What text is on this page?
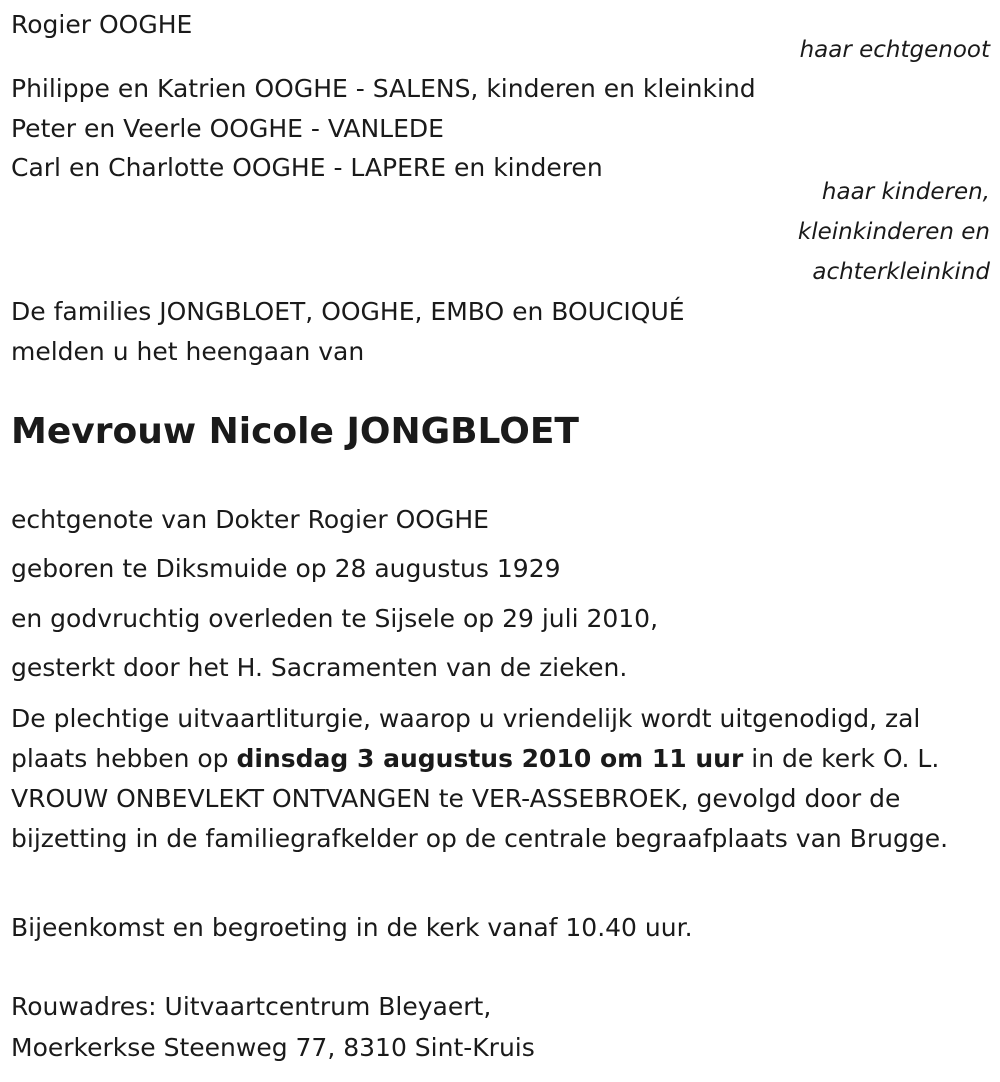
Rogier OOGHE
haar echtgenoot
Philippe en Katrien OOGHE - SALENS, kinderen en kleinkind
Peter en Veerle OOGHE - VANLEDE
Carl en Charlotte OOGHE - LAPERE en kinderen
haar kinderen,
kleinkinderen en
achterkleinkind
De families JONGBLOET, OOGHE, EMBO en BOUCIQUÉ
melden u het heengaan van
Mevrouw Nicole JONGBLOET
echtgenote van Dokter Rogier OOGHE
geboren te Diksmuide op 28 augustus 1929
en godvruchtig overleden te Sijsele op 29 juli 2010,
gesterkt door het H. Sacramenten van de zieken.
De plechtige uitvaartliturgie, waarop u vriendelijk wordt uitgenodigd, zal plaats hebben op dinsdag 3 augustus 2010 om 11 uur in de kerk O. L. VROUW ONBEVLEKT ONTVANGEN te VER-ASSEBROEK, gevolgd door de bijzetting in de familiegrafkelder op de centrale begraafplaats van Brugge.
Bijeenkomst en begroeting in de kerk vanaf 10.40 uur.
Rouwadres: Uitvaartcentrum Bleyaert,
Moerkerkse Steenweg 77, 8310 Sint-Kruis
